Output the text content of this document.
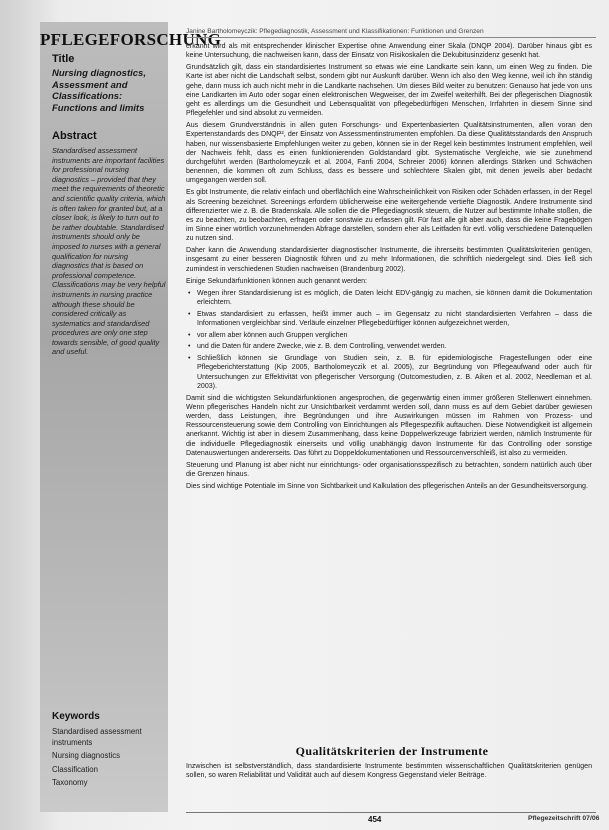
PFLEGEFORSCHUNG
Janine Bartholomeyczik: Pflegediagnostik, Assessment und Klassifikationen: Funktionen und Grenzen
Title
Nursing diagnostics, Assessment and Classifications: Functions and limits
Abstract
Standardised assessment instruments are important facilities for professional nursing diagnostics – provided that they meet the requirements of theoretic and scientific quality criteria, which is often taken for granted but, at a closer look, is likely to turn out to be rather doubtable. Standardised instruments should only be imposed to nurses with a general qualification for nursing diagnostics that is based on professional competence. Classifications may be very helpful instruments in nursing practice although these should be considered critically as systematics and standardised procedures are only one step towards sensible, of good quality and useful.
Keywords
Standardised assessment instruments
Nursing diagnostics
Classification
Taxonomy

erkannt wird als mit entsprechender klinischer Expertise ohne Anwendung einer Skala (DNQP 2004). Darüber hinaus gibt es keine Untersuchung, die nachweisen kann, dass der Einsatz von Risikoskalen die Dekubitusinzidenz gesenkt hat.

Grundsätzlich gilt, dass ein standardisiertes Instrument so etwas wie eine Landkarte sein kann, um einen Weg zu finden. Die Karte ist aber nicht die Landschaft selbst, sondern gibt nur Auskunft darüber. Wenn ich also den Weg kenne, weil ich ihn ständig gehe, dann muss ich auch nicht mehr in die Landkarte nachsehen. Um dieses Bild weiter zu benutzen: Genauso hat jede von uns eine Landkarten im Auto oder sogar einen elektronischen Wegweiser, der im Zweifel weiterhilft. Bei der pflegerischen Diagnostik geht es allerdings um die Gesundheit und Lebensqualität von pflegebedürftigen Menschen, Irrfahrten in diesem Sinne sind Pflegefehler und sind absolut zu vermeiden.

Aus diesem Grundverständnis in allen guten Forschungs- und Expertenbasierten Qualitätsinstrumenten, allen voran den Expertenstandards des DNQP², der Einsatz von Assessmentinstrumenten empfohlen. Da diese Qualitätsstandards den Anspruch haben, nur wissensbasierte Empfehlungen weiter zu geben, können sie in der Regel kein bestimmtes Instrument empfehlen, weil der Nachweis fehlt, dass es einen funktionierenden Goldstandard gibt. Systematische Vergleiche, wie sie zunehmend durchgeführt werden (Bartholomeyczik et al. 2004, Fanfi 2004, Schreier 2006) können allerdings Stärken und Schwächen benennen, die kommen oft zum Schluss, dass es bessere und schlechtere Skalen gibt, mit denen jeweils aber bedacht umgegangen werden soll.

Es gibt Instrumente, die relativ einfach und oberflächlich eine Wahrscheinlichkeit von Risiken oder Schäden erfassen, in der Regel als Screening bezeichnet. Screenings erfordern üblicherweise eine weitergehende vertiefte Diagnostik. Andere Instrumente sind differenzierter wie z. B. die Bradenskala. Alle sollen die die Pflegediagnostik steuern, die Nutzer auf bestimmte Inhalte stoßen, die es zu beachten, zu beobachten, erfragen oder sonstwie zu erfassen gilt. Für fast alle gilt aber auch, dass die keine Fragebögen im Sinne einer wörtlich vorzunehmenden Abfrage darstellen, sondern eher als Leitfaden für evtl. völlig verschiedene Datenquellen zu nutzen sind.

Daher kann die Anwendung standardisierter diagnostischer Instrumente, die ihrerseits bestimmten Qualitätskriterien genügen, insgesamt zu einer besseren Diagnostik führen und zu mehr Informationen, die schriftlich niedergelegt sind. Dies ließ sich zumindest in verschiedenen Studien nachweisen (Brandenburg 2002).

Einige Sekundärfunktionen können auch genannt werden:

• Wegen ihrer Standardisierung ist es möglich, die Daten leicht EDV-gängig zu machen, sie können damit die Dokumentation erleichtern.
• Etwas standardisiert zu erfassen, heißt immer auch – im Gegensatz zu nicht standardisierten Verfahren – dass die Informationen vergleichbar sind. Verläufe einzelner Pflegebedürftiger können aufgezeichnet werden,
• vor allem aber können auch Gruppen verglichen
• und die Daten für andere Zwecke, wie z. B. dem Controlling, verwendet werden.
• Schließlich können sie Grundlage von Studien sein, z. B. für epidemiologische Fragestellungen oder eine Pflegeberichterstattung (Kip 2005, Bartholomeyczik et al. 2005), zur Begründung von Pflegeaufwand oder auch für Untersuchungen zur Effektivität von pflegerischer Versorgung (Outcomestudien, z. B. Aiken et al. 2002, Needleman et al. 2003).

Damit sind die wichtigsten Sekundärfunktionen angesprochen, die gegenwärtig einen immer größeren Stellenwert einnehmen. Wenn pflegerisches Handeln nicht zur Unsichtbarkeit verdammt werden soll, dann muss es auf dem Gebiet darüber gewiesen werden, dass Leistungen, ihre Begründungen und ihre Auswirkungen müssen im Rahmen von Prozess- und Ressourcensteuerung sowie dem Controlling von Einrichtungen als Pflegespezifik auftauchen. Diese Notwendigkeit ist allgemein anerkannt. Wichtig ist aber in diesem Zusammenhang, dass keine Doppelwerkzeuge fabriziert werden, nämlich Instrumente für die individuelle Pflegediagnostik einerseits und völlig unabhängig davon Instrumente für das Controlling oder sonstige Datenauswertungen andererseits. Das führt zu Doppeldokumentationen und Ressourcenverschleiß, ist also zu vermeiden.

Steuerung und Planung ist aber nicht nur einrichtungs- oder organisationsspezifisch zu betrachten, sondern natürlich auch über die Grenzen hinaus.

Dies sind wichtige Potentiale im Sinne von Sichtbarkeit und Kalkulation des pflegerischen Anteils an der Gesundheitsversorgung.

Qualitätskriterien der Instrumente
Inzwischen ist selbstverständlich, dass standardisierte Instrumente bestimmten wissenschaftlichen Qualitätskriterien genügen sollen, so waren Reliabilität und Validität auch auf diesem Kongress Gegenstand vieler Beiträge.
454	Pflegezeitschrift 07/06
